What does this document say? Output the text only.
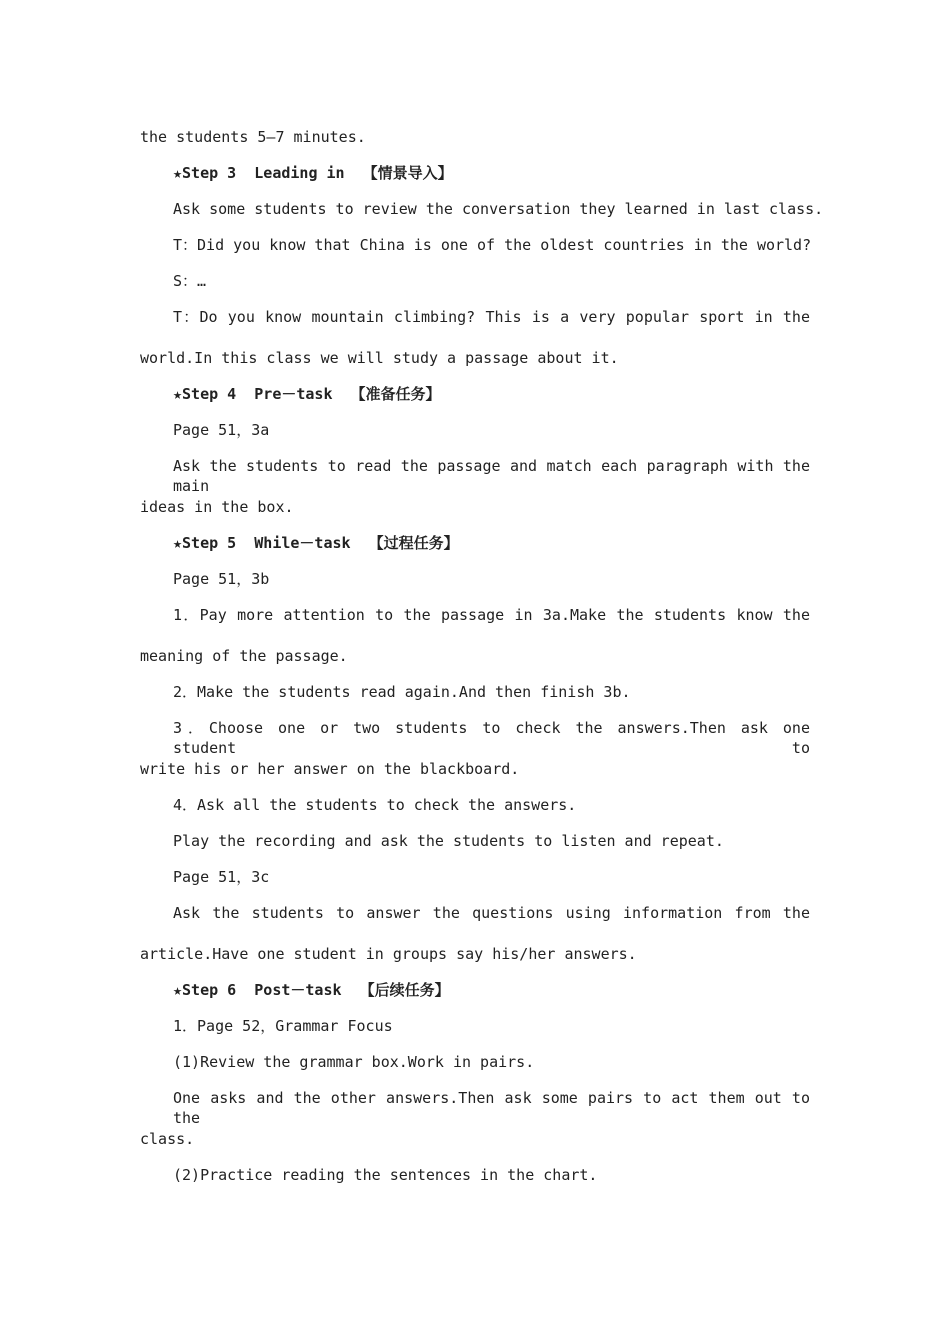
the students 5—7 minutes.
★Step 3  Leading in  【情景导入】
Ask some students to review the conversation they learned in last class.
T：Did you know that China is one of the oldest countries in the world?
S：…
T：Do you know mountain climbing? This is a very popular sport in the
world.In this class we will study a passage about it.
★Step 4  Pre－task  【准备任务】
Page 51，3a
Ask the students to read the passage and match each paragraph with the main
ideas in the box.
★Step 5  While－task  【过程任务】
Page 51，3b
1．Pay more attention to the passage in 3a.Make the students know the
meaning of the passage.
2．Make the students read again.And then finish 3b.
3．Choose one or two students to check the answers.Then ask one student to
write his or her answer on the blackboard.
4．Ask all the students to check the answers.
Play the recording and ask the students to listen and repeat.
Page 51，3c
Ask the students to answer the questions using information from the
article.Have one student in groups say his/her answers.
★Step 6  Post－task  【后续任务】
1．Page 52，Grammar Focus
(1)Review the grammar box.Work in pairs.
One asks and the other answers.Then ask some pairs to act them out to the
class.
(2)Practice reading the sentences in the chart.
